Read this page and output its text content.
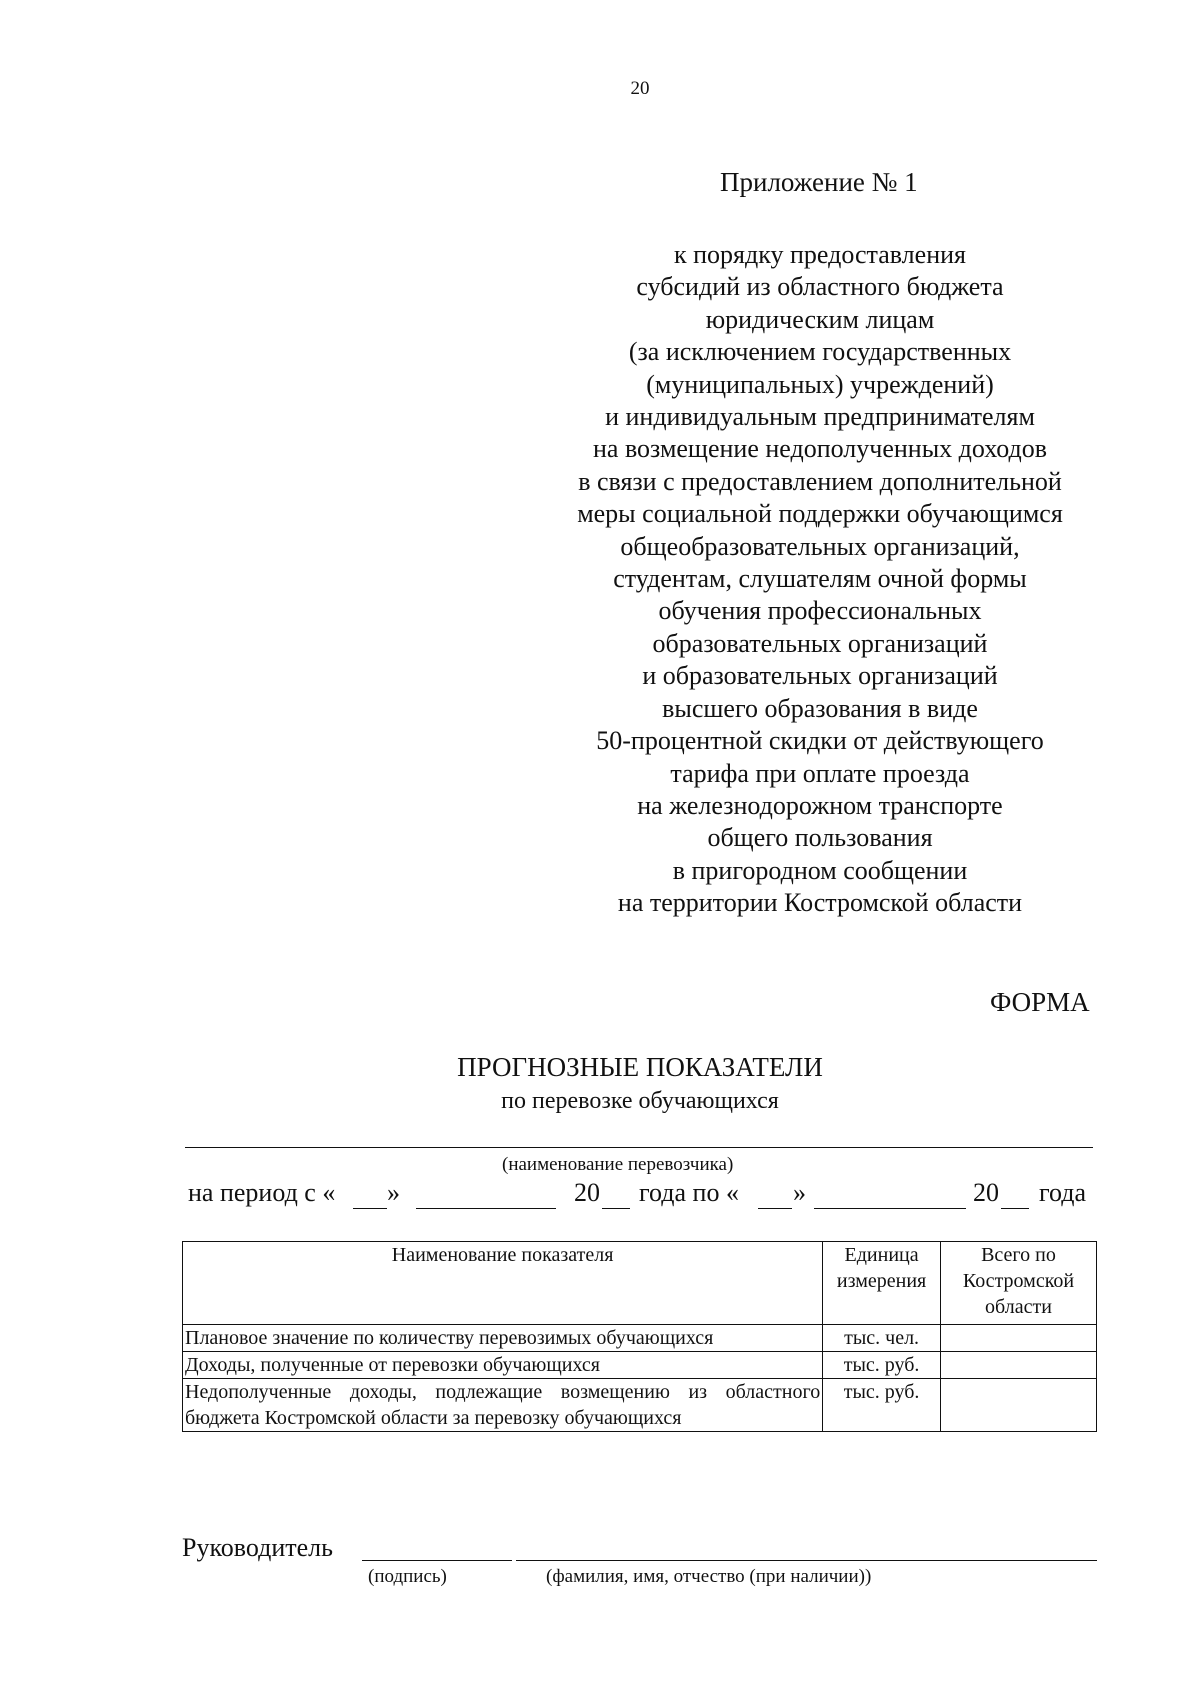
20
Приложение № 1
к порядку предоставления
субсидий из областного бюджета
юридическим лицам
(за исключением государственных
(муниципальных) учреждений)
и индивидуальным предпринимателям
на возмещение недополученных доходов
в связи с предоставлением дополнительной
меры социальной поддержки обучающимся
общеобразовательных организаций,
студентам, слушателям очной формы
обучения профессиональных
образовательных организаций
и образовательных организаций
высшего образования в виде
50-процентной скидки от действующего
тарифа при оплате проезда
на железнодорожном транспорте
общего пользования
в пригородном сообщении
на территории Костромской области
ФОРМА
ПРОГНОЗНЫЕ ПОКАЗАТЕЛИ
по перевозке обучающихся
(наименование перевозчика)
на период с « »	20 года по « »	20 года
Наименование показателя	Единица измерения	Всего по Костромской области
Плановое значение по количеству перевозимых обучающихся	тыс. чел.	
Доходы, полученные от перевозки обучающихся	тыс. руб.	
Недополученные доходы, подлежащие возмещению из областного бюджета Костромской области за перевозку обучающихся	тыс. руб.	
Руководитель
(подпись)	(фамилия, имя, отчество (при наличии))
